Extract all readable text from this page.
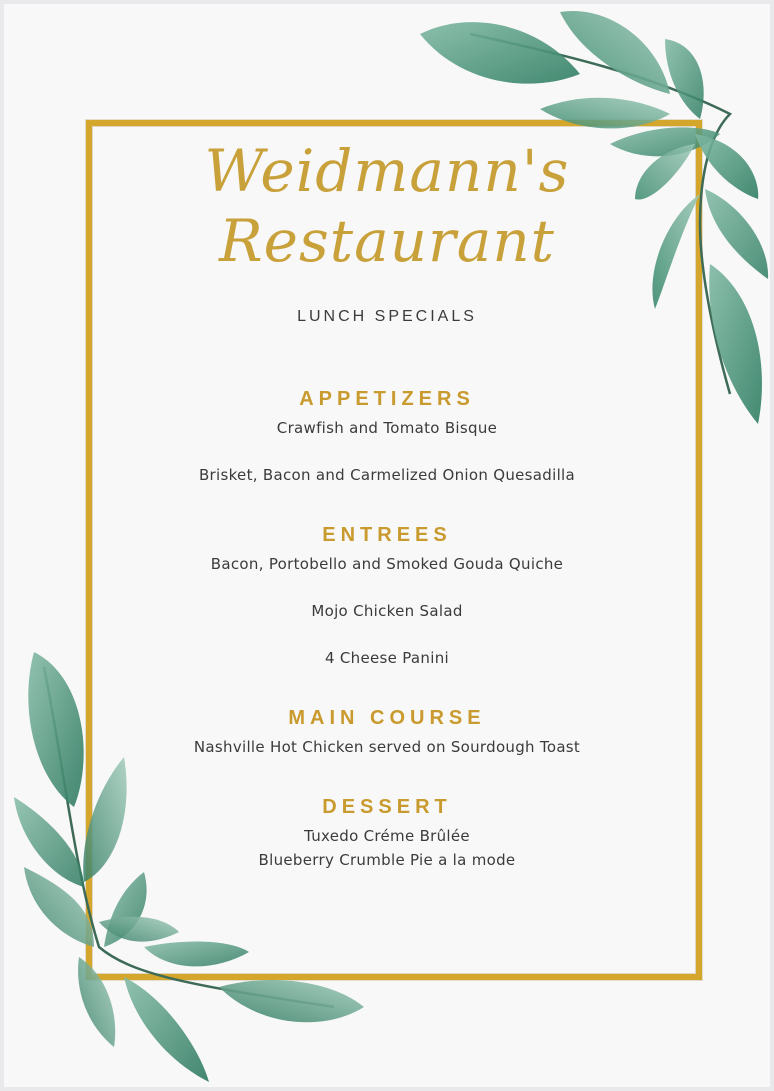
Weidmann's
Restaurant
LUNCH SPECIALS
APPETIZERS
Crawfish and Tomato Bisque
Brisket, Bacon and Carmelized Onion Quesadilla
ENTREES
Bacon, Portobello and Smoked Gouda Quiche
Mojo Chicken Salad
4 Cheese Panini
MAIN COURSE
Nashville Hot Chicken served on Sourdough Toast
DESSERT
Tuxedo Créme Brûlée
Blueberry Crumble Pie a la mode
